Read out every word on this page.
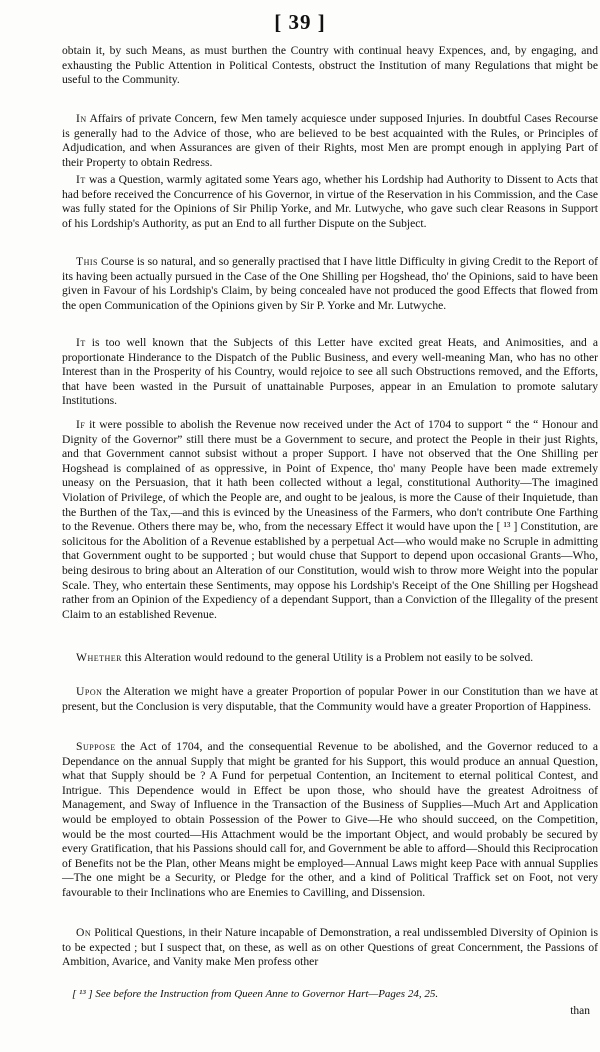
[ 39 ]

obtain it, by such Means, as must burthen the Country with continual heavy Expences, and, by engaging, and exhausting the Public Attention in Political Contests, obstruct the Institution of many Regulations that might be useful to the Community.

In Affairs of private Concern, few Men tamely acquiesce under supposed Injuries. In doubtful Cases Recourse is generally had to the Advice of those, who are believed to be best acquainted with the Rules, or Principles of Adjudication, and when Assurances are given of their Rights, most Men are prompt enough in applying Part of their Property to obtain Redress.

It was a Question, warmly agitated some Years ago, whether his Lordship had Authority to Dissent to Acts that had before received the Concurrence of his Governor, in virtue of the Reservation in his Commission, and the Case was fully stated for the Opinions of Sir Philip Yorke, and Mr. Lutwyche, who gave such clear Reasons in Support of his Lordship's Authority, as put an End to all further Dispute on the Subject.

This Course is so natural, and so generally practised that I have little Difficulty in giving Credit to the Report of its having been actually pursued in the Case of the One Shilling per Hogshead, tho' the Opinions, said to have been given in Favour of his Lordship's Claim, by being concealed have not produced the good Effects that flowed from the open Communication of the Opinions given by Sir P. Yorke and Mr. Lutwyche.

It is too well known that the Subjects of this Letter have excited great Heats, and Animosities, and a proportionate Hinderance to the Dispatch of the Public Business, and every well-meaning Man, who has no other Interest than in the Prosperity of his Country, would rejoice to see all such Obstructions removed, and the Efforts, that have been wasted in the Pursuit of unattainable Purposes, appear in an Emulation to promote salutary Institutions.

If it were possible to abolish the Revenue now received under the Act of 1704 to support “ the “ Honour and Dignity of the Governor” still there must be a Government to secure, and protect the People in their just Rights, and that Government cannot subsist without a proper Support. I have not observed that the One Shilling per Hogshead is complained of as oppressive, in Point of Expence, tho' many People have been made extremely uneasy on the Persuasion, that it hath been collected without a legal, constitutional Authority—The imagined Violation of Privilege, of which the People are, and ought to be jealous, is more the Cause of their Inquietude, than the Burthen of the Tax,—and this is evinced by the Uneasiness of the Farmers, who don't contribute One Farthing to the Revenue. Others there may be, who, from the necessary Effect it would have upon the [ ¹³ ] Constitution, are solicitous for the Abolition of a Revenue established by a perpetual Act—who would make no Scruple in admitting that Government ought to be supported ; but would chuse that Support to depend upon occasional Grants—Who, being desirous to bring about an Alteration of our Constitution, would wish to throw more Weight into the popular Scale. They, who entertain these Sentiments, may oppose his Lordship's Receipt of the One Shilling per Hogshead rather from an Opinion of the Expediency of a dependant Support, than a Conviction of the Illegality of the present Claim to an established Revenue.

Whether this Alteration would redound to the general Utility is a Problem not easily to be solved.

Upon the Alteration we might have a greater Proportion of popular Power in our Constitution than we have at present, but the Conclusion is very disputable, that the Community would have a greater Proportion of Happiness.

Suppose the Act of 1704, and the consequential Revenue to be abolished, and the Governor reduced to a Dependance on the annual Supply that might be granted for his Support, this would produce an annual Question, what that Supply should be ? A Fund for perpetual Contention, an Incitement to eternal political Contest, and Intrigue. This Dependence would in Effect be upon those, who should have the greatest Adroitness of Management, and Sway of Influence in the Transaction of the Business of Supplies—Much Art and Application would be employed to obtain Possession of the Power to Give—He who should succeed, on the Competition, would be the most courted—His Attachment would be the important Object, and would probably be secured by every Gratification, that his Passions should call for, and Government be able to afford—Should this Reciprocation of Benefits not be the Plan, other Means might be employed—Annual Laws might keep Pace with annual Supplies—The one might be a Security, or Pledge for the other, and a kind of Political Traffick set on Foot, not very favourable to their Inclinations who are Enemies to Cavilling, and Dissension.

On Political Questions, in their Nature incapable of Demonstration, a real undissembled Diversity of Opinion is to be expected ; but I suspect that, on these, as well as on other Questions of great Concernment, the Passions of Ambition, Avarice, and Vanity make Men profess other

[ ¹³ ] See before the Instruction from Queen Anne to Governor Hart—Pages 24, 25.
than
